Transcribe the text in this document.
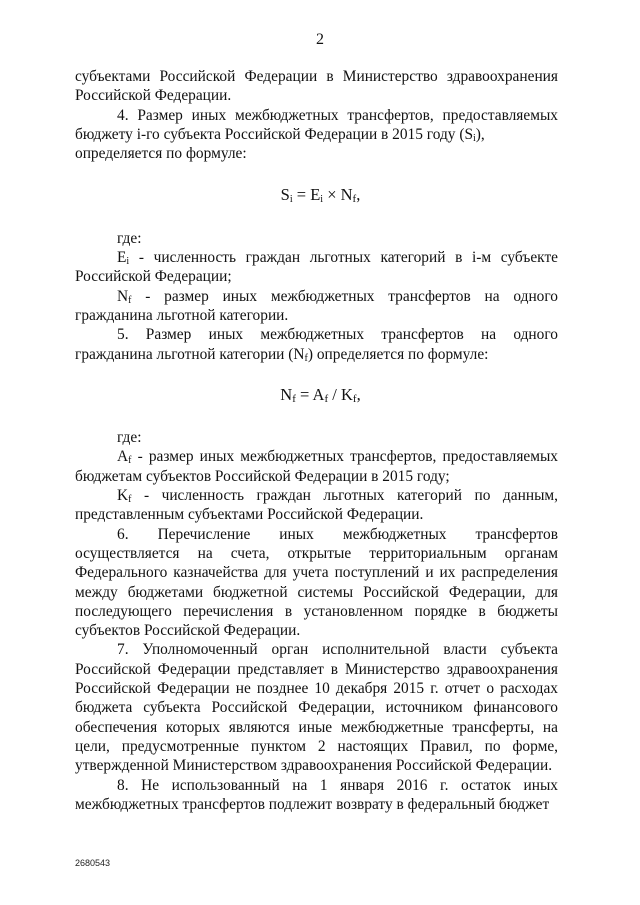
2

субъектами Российской Федерации в Министерство здравоохранения Российской Федерации.

4. Размер иных межбюджетных трансфертов, предоставляемых бюджету i-го субъекта Российской Федерации в 2015 году $(S_i)$,
определяется по формуле:

$S_i = E_i \times N_f$,

где:

$E_i$ - численность граждан льготных категорий в i-м субъекте Российской Федерации;

$N_f$ - размер иных межбюджетных трансфертов на одного гражданина льготной категории.

5. Размер иных межбюджетных трансфертов на одного гражданина льготной категории $(N_f)$ определяется по формуле:

$N_f = A_f / K_f$,

где:

$A_f$ - размер иных межбюджетных трансфертов, предоставляемых бюджетам субъектов Российской Федерации в 2015 году;

$K_f$ - численность граждан льготных категорий по данным, представленным субъектами Российской Федерации.

6. Перечисление иных межбюджетных трансфертов осуществляется на счета, открытые территориальным органам Федерального казначейства для учета поступлений и их распределения между бюджетами бюджетной системы Российской Федерации, для последующего перечисления в установленном порядке в бюджеты субъектов Российской Федерации.

7. Уполномоченный орган исполнительной власти субъекта Российской Федерации представляет в Министерство здравоохранения Российской Федерации не позднее 10 декабря 2015 г. отчет о расходах бюджета субъекта Российской Федерации, источником финансового обеспечения которых являются иные межбюджетные трансферты, на цели, предусмотренные пунктом 2 настоящих Правил, по форме, утвержденной Министерством здравоохранения Российской Федерации.

8. Не использованный на 1 января 2016 г. остаток иных межбюджетных трансфертов подлежит возврату в федеральный бюджет

2680543
